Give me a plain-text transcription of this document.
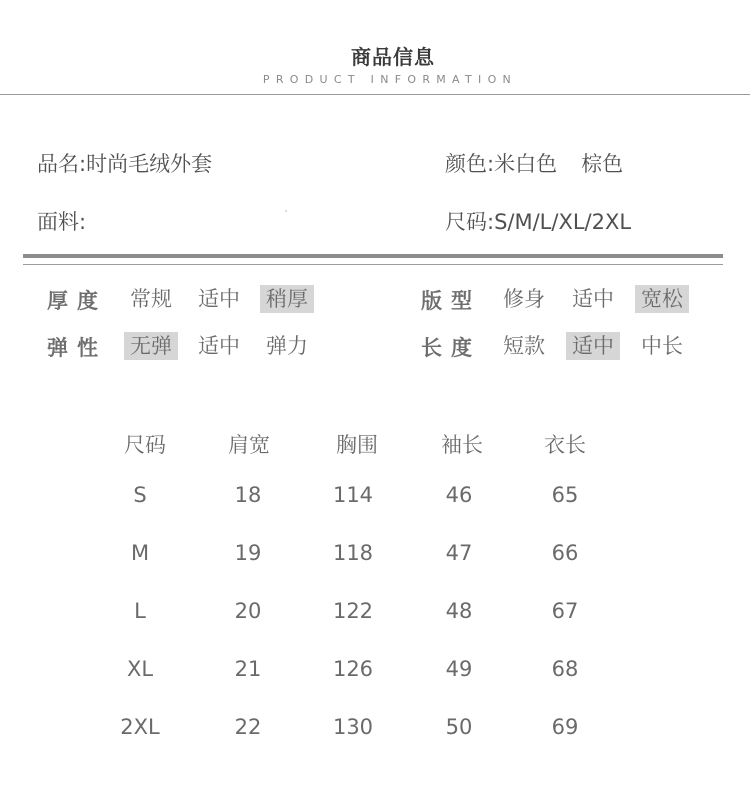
商品信息
PRODUCT INFORMATION
品名:时尚毛绒外套	颜色:米白色 棕色
面料:	尺码:S/M/L/XL/2XL
厚度 常规 适中 稍厚	版型 修身 适中 宽松
弹性 无弹 适中 弹力	长度 短款 适中 中长
尺码	肩宽	胸围	袖长	衣长
S	18	114	46	65
M	19	118	47	66
L	20	122	48	67
XL	21	126	49	68
2XL	22	130	50	69
